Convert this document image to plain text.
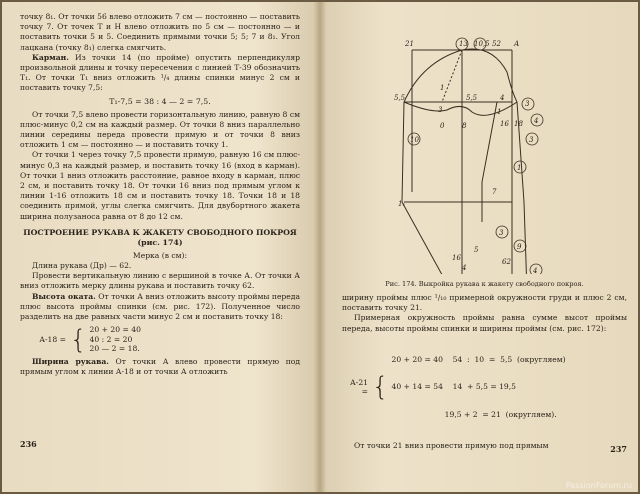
точку 8₁. От точки 56 влево отложить 7 см — постоянно — поставить точку 7. От точек Т и Н влево отложить по 5 см — постоянно — и поставить точки 5 и 5. Соединить прямыми точки 5; 5; 7 и 8₁. Угол лацкана (точку 8₁) слегка смягчить.

Карман. Из точки 14 (по пройме) опустить перпендикуляр произвольной длины и точку пересечения с линией Т-39 обозначить Т₁. От точки Т₁ вниз отложить ¹/₄ длины спинки минус 2 см и поставить точку 7,5:

Т₁-7,5 = 38 : 4 — 2 = 7,5.

От точки 7,5 влево провести горизонтальную линию, равную 8 см плюс-минус 0,2 см на каждый размер. От точки 8 вниз параллельно линии середины переда провести прямую и от точки 8 вниз отложить 1 см — постоянно — и поставить точку 1.

От точки 1 через точку 7,5 провести прямую, равную 16 см плюс-минус 0,3 на каждый размер, и поставить точку 16 (вход в карман). От точки 1 вниз отложить расстояние, равное входу в карман, плюс 2 см, и поставить точку 18. От точки 16 вниз под прямым углом к линии 1-16 отложить 18 см и поставить точку 18. Точки 18 и 18 соединить прямой, углы слегка смягчить. Для двубортного жакета ширина полузаноса равна от 8 до 12 см.

ПОСТРОЕНИЕ РУКАВА К ЖАКЕТУ СВОБОДНОГО ПОКРОЯ
(рис. 174)

Мерка (в см):

Длина рукава (Др) — 62.

Провести вертикальную линию с вершиной в точке А. От точки А вниз отложить мерку длины рукава и поставить точку 62.

Высота оката. От точки А вниз отложить высоту проймы переда плюс высота проймы спинки (см. рис. 172). Полученное число разделить на две равных части минус 2 см и поставить точку 18:

А-18 = { 20 + 20 = 40
40 : 2 = 20
20 — 2 = 18.

Ширина рукава. От точки А влево провести прямую под прямым углом к линии А-18 и от точки А отложить

236
21	13 10,5 52 А
5,5
1
5,5	4
3
3
0
1
16 18
8
4
10
7
1₁
3
1
3
5	9
4
16	62
4

Рис. 174. Выкройка рукава к жакету свободного покроя.

ширину проймы плюс ¹/₁₀ примерной окружности груди и плюс 2 см, поставить точку 21.

Примерная окружность проймы равна сумме высот проймы переда, высоты проймы спинки и ширины проймы (см. рис. 172):

А-21 = {

20 + 20 = 40    54  :  10  =  5,5  (округляем)

40 + 14 = 54    14  + 5,5 = 19,5

19,5 + 2  = 21  (округляем).

От точки 21 вниз провести прямую под прямым	237
PassionForum.ru
